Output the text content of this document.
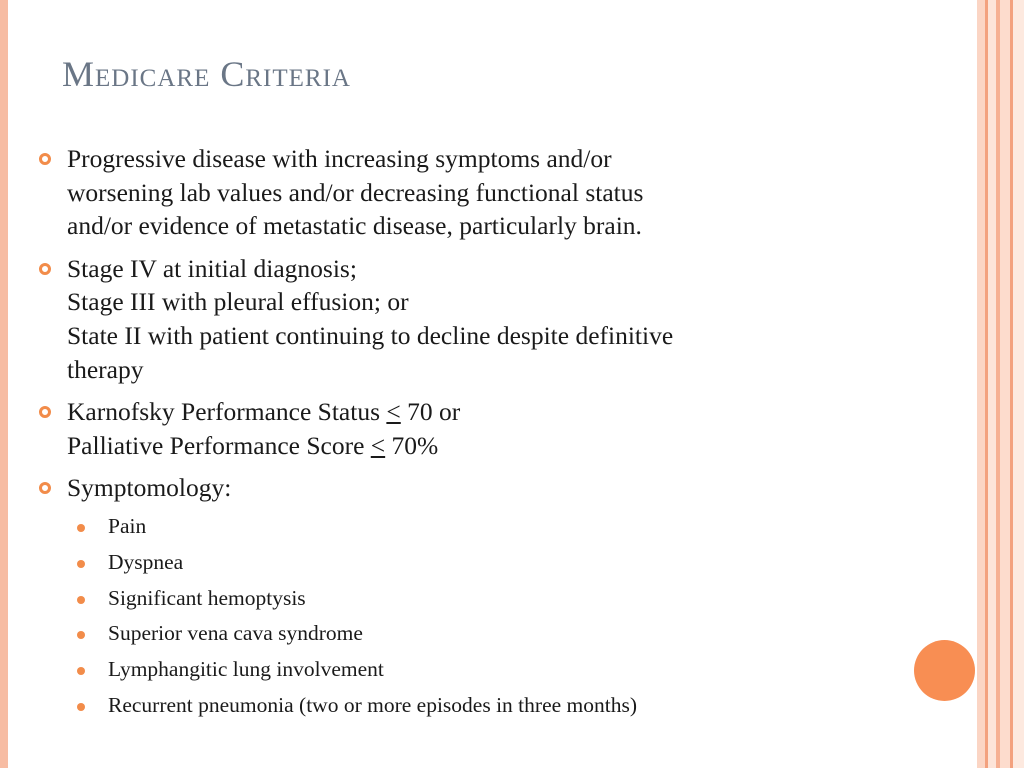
Medicare Criteria
Progressive disease with increasing symptoms and/or
worsening lab values and/or decreasing functional status
and/or evidence of metastatic disease, particularly brain.
Stage IV at initial diagnosis;
Stage III with pleural effusion; or
State II with patient continuing to decline despite definitive
therapy
Karnofsky Performance Status ≤ 70 or
Palliative Performance Score ≤ 70%
Symptomology:
Pain
Dyspnea
Significant hemoptysis
Superior vena cava syndrome
Lymphangitic lung involvement
Recurrent pneumonia (two or more episodes in three months)
